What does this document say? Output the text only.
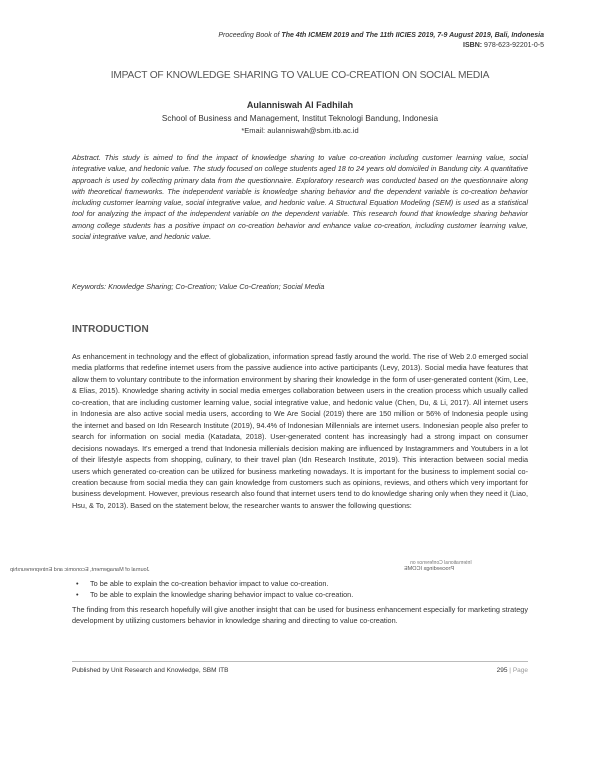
Proceeding Book of The 4th ICMEM 2019 and The 11th IICIES 2019, 7-9 August 2019, Bali, Indonesia
ISBN: 978-623-92201-0-5
IMPACT OF KNOWLEDGE SHARING TO VALUE CO-CREATION ON SOCIAL MEDIA
Aulanniswah Al Fadhilah
School of Business and Management, Institut Teknologi Bandung, Indonesia
*Email: aulanniswah@sbm.itb.ac.id

Abstract. This study is aimed to find the impact of knowledge sharing to value co-creation including customer learning value, social integrative value, and hedonic value. The study focused on college students aged 18 to 24 years old domiciled in Bandung city. A quantitative approach is used by collecting primary data from the questionnaire. Exploratory research was conducted based on the questionnaire along with theoretical frameworks. The independent variable is knowledge sharing behavior and the dependent variable is co-creation behavior including customer learning value, social integrative value, and hedonic value. A Structural Equation Modeling (SEM) is used as a statistical tool for analyzing the impact of the independent variable on the dependent variable. This research found that knowledge sharing behavior among college students has a positive impact on co-creation behavior and enhance value co-creation, including customer learning value, social integrative value, and hedonic value.

Keywords: Knowledge Sharing; Co-Creation; Value Co-Creation; Social Media

INTRODUCTION

As enhancement in technology and the effect of globalization, information spread fastly around the world. The rise of Web 2.0 emerged social media platforms that redefine internet users from the passive audience into active participants (Levy, 2013). Social media have features that allow them to voluntary contribute to the information environment by sharing their knowledge in the form of user-generated content (Kim, Lee, & Elias, 2015). Knowledge sharing activity in social media emerges collaboration between users in the creation process which usually called co-creation, that are including customer learning value, social integrative value, and hedonic value (Chen, Du, & Li, 2017). All internet users in Indonesia are also active social media users, according to We Are Social (2019) there are 150 million or 56% of Indonesia people using the internet and based on Idn Research Institute (2019), 94.4% of Indonesian Millennials are internet users. Indonesian people also prefer to search for information on social media (Katadata, 2018). User-generated content has increasingly had a strong impact on consumer decisions nowadays. It's emerged a trend that Indonesia millenials decision making are influenced by Instagrammers and Youtubers in a lot of their lifestyle aspects from shopping, culinary, to their travel plan (Idn Research Institute, 2019). This interaction between social media users which generated co-creation can be utilized for business marketing nowadays. It is important for the business to implement social co-creation because from social media they can gain knowledge from customers such as opinions, reviews, and others which very important for business development. However, previous research also found that internet users tend to do knowledge sharing only when they need it (Liao, Hsu, & To, 2013). Based on the statement below, the researcher wants to answer the following questions:

Journal of Management, Economic and Entrepreneurship
International Conference on
Proceedings ICOME
• To be able to explain the co-creation behavior impact to value co-creation.
• To be able to explain the knowledge sharing behavior impact to value co-creation.

The finding from this research hopefully will give another insight that can be used for business enhancement especially for marketing strategy development by utilizing customers behavior in knowledge sharing and directing to value co-creation.

Published by Unit Research and Knowledge, SBM ITB	295 | Page
